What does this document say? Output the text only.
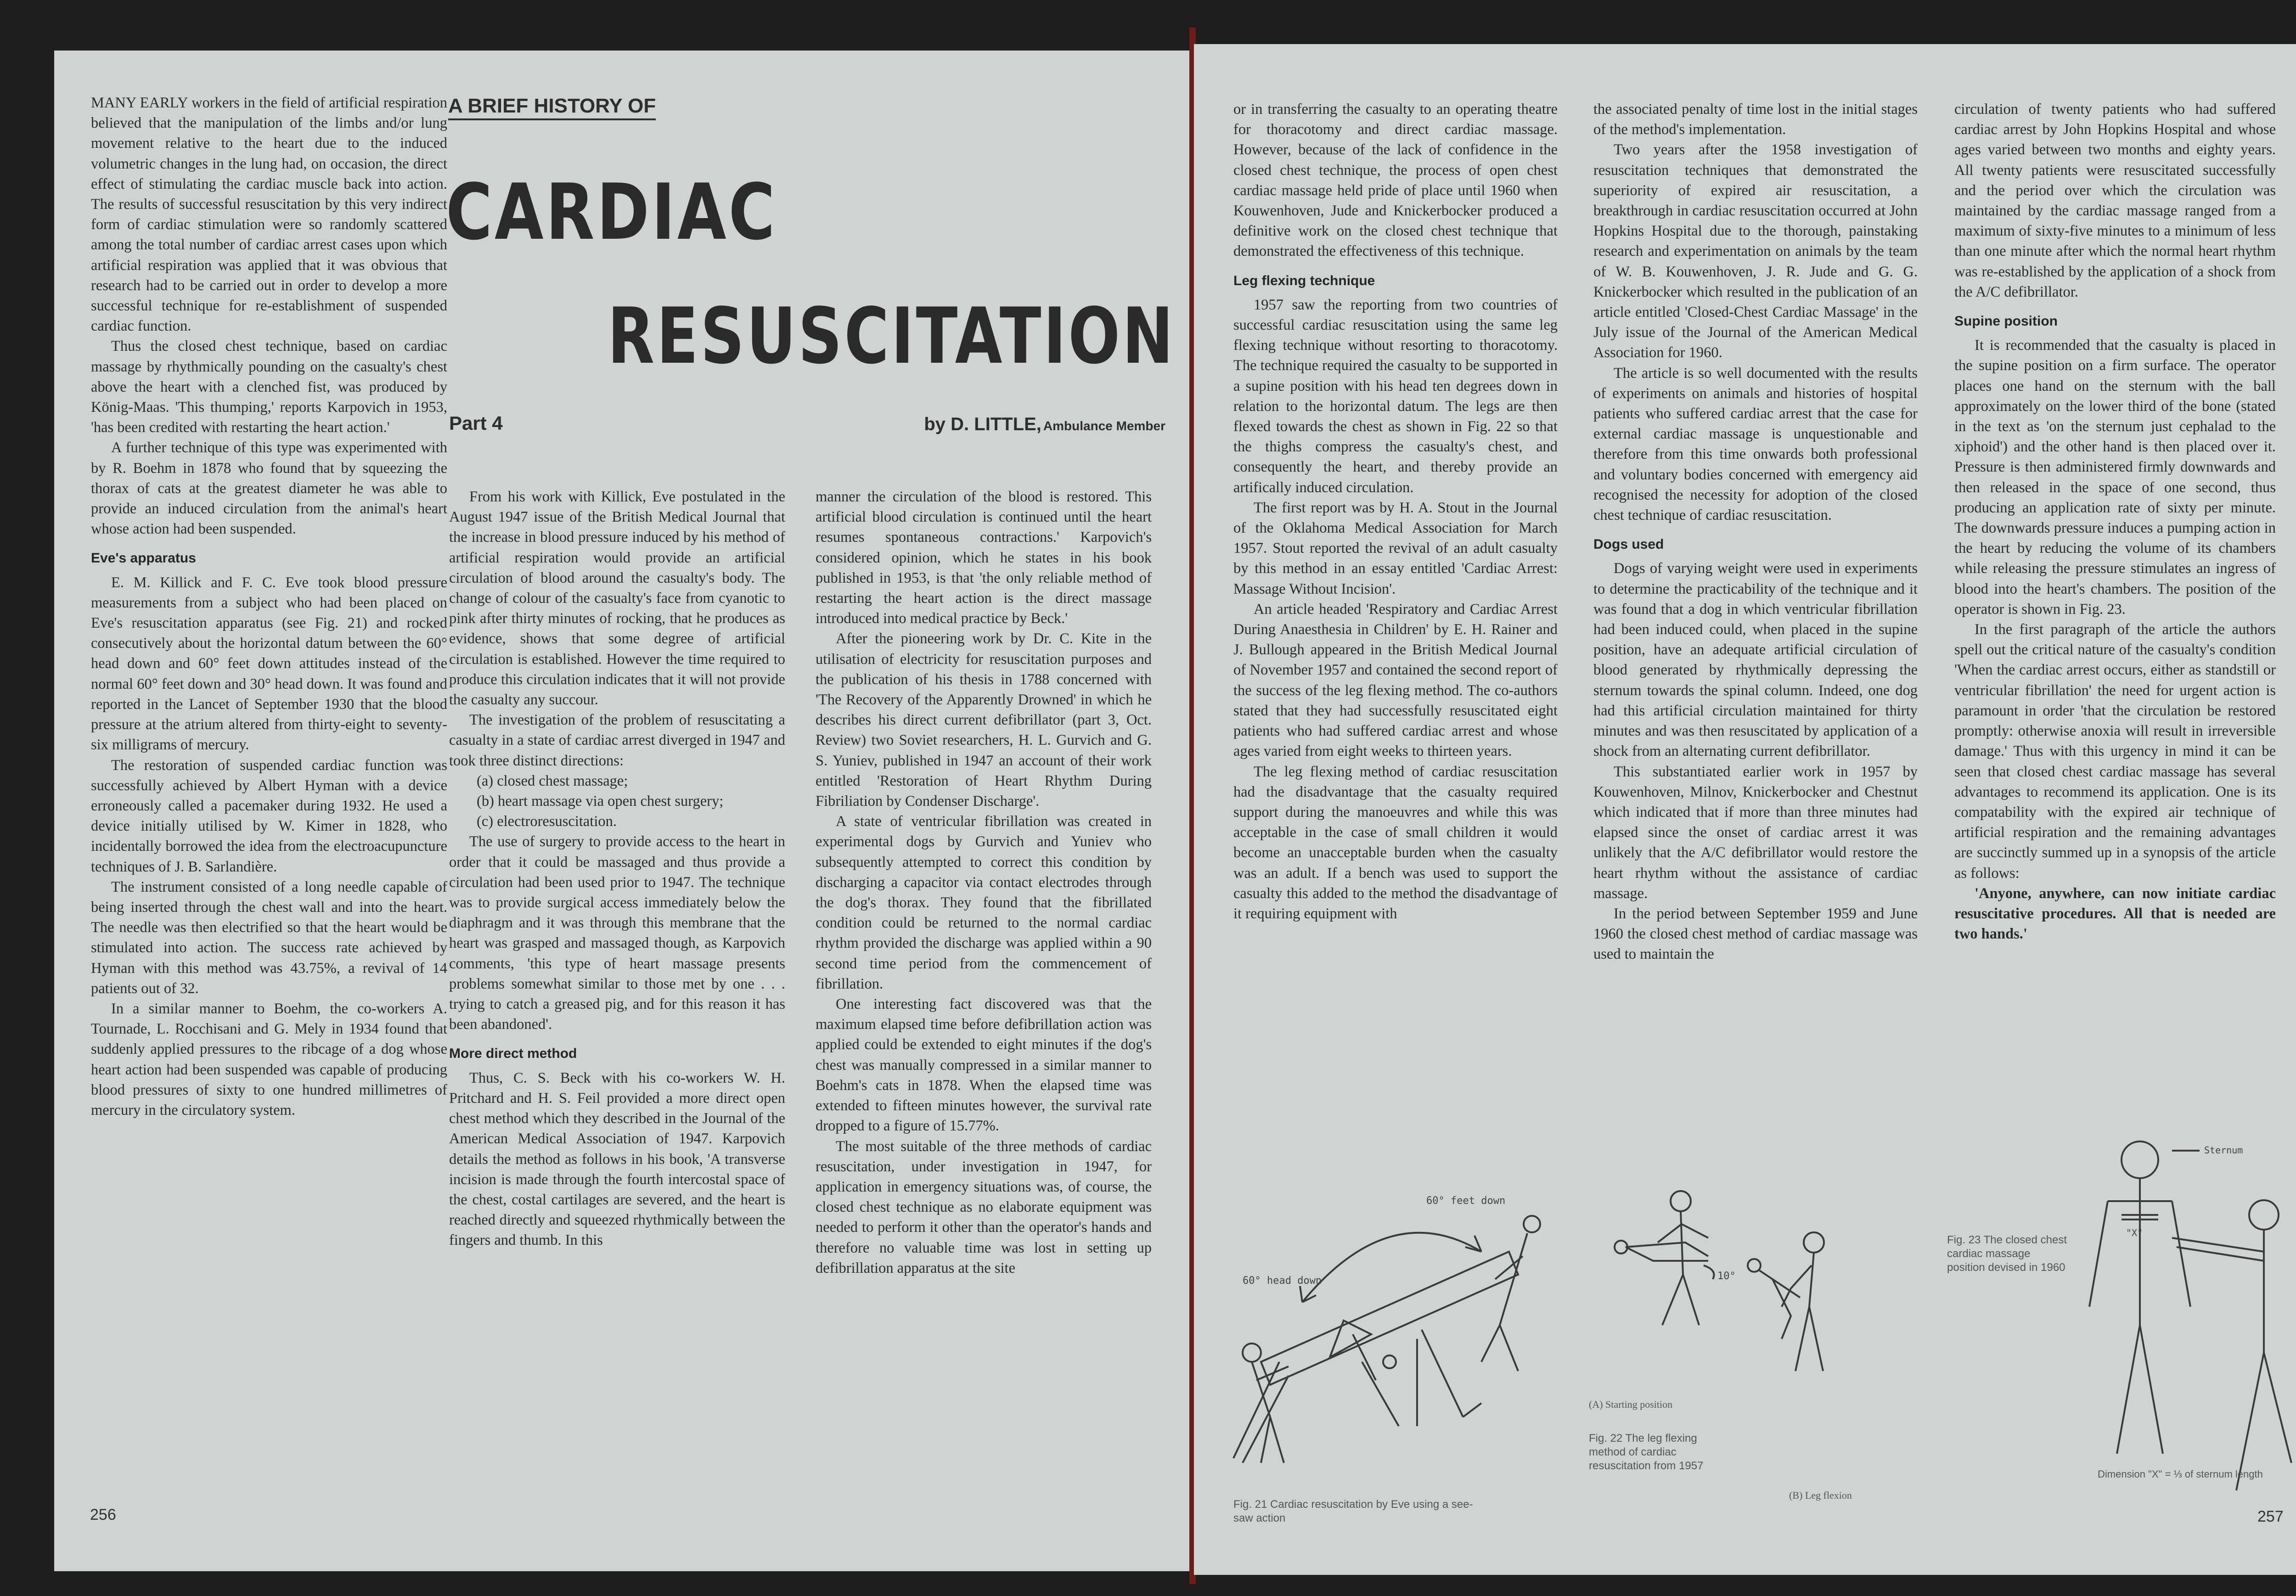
MANY EARLY workers in the field of artificial respiration believed that the manipulation of the limbs and/or lung movement relative to the heart due to the induced volumetric changes in the lung had, on occasion, the direct effect of stimulating the cardiac muscle back into action. The results of successful resuscitation by this very indirect form of cardiac stimulation were so randomly scattered among the total number of cardiac arrest cases upon which artificial respiration was applied that it was obvious that research had to be carried out in order to develop a more successful technique for re-establishment of suspended cardiac function.

Thus the closed chest technique, based on cardiac massage by rhythmically pounding on the casualty's chest above the heart with a clenched fist, was produced by König-Maas. 'This thumping,' reports Karpovich in 1953, 'has been credited with restarting the heart action.'

A further technique of this type was experimented with by R. Boehm in 1878 who found that by squeezing the thorax of cats at the greatest diameter he was able to provide an induced circulation from the animal's heart whose action had been suspended.

Eve's apparatus

E. M. Killick and F. C. Eve took blood pressure measurements from a subject who had been placed on Eve's resuscitation apparatus (see Fig. 21) and rocked consecutively about the horizontal datum between the 60° head down and 60° feet down attitudes instead of the normal 60° feet down and 30° head down. It was found and reported in the Lancet of September 1930 that the blood pressure at the atrium altered from thirty-eight to seventy-six milligrams of mercury.

The restoration of suspended cardiac function was successfully achieved by Albert Hyman with a device erroneously called a pacemaker during 1932. He used a device initially utilised by W. Kimer in 1828, who incidentally borrowed the idea from the electroacupuncture techniques of J. B. Sarlandière.

The instrument consisted of a long needle capable of being inserted through the chest wall and into the heart. The needle was then electrified so that the heart would be stimulated into action. The success rate achieved by Hyman with this method was 43.75%, a revival of 14 patients out of 32.

In a similar manner to Boehm, the co-workers A. Tournade, L. Rocchisani and G. Mely in 1934 found that suddenly applied pressures to the ribcage of a dog whose heart action had been suspended was capable of producing blood pressures of sixty to one hundred millimetres of mercury in the circulatory system.

A BRIEF HISTORY OF
CARDIAC
RESUSCITATION
Part 4	by D. LITTLE, Ambulance Member

From his work with Killick, Eve postulated in the August 1947 issue of the British Medical Journal that the increase in blood pressure induced by his method of artificial respiration would provide an artificial circulation of blood around the casualty's body. The change of colour of the casualty's face from cyanotic to pink after thirty minutes of rocking, that he produces as evidence, shows that some degree of artificial circulation is established. However the time required to produce this circulation indicates that it will not provide the casualty any succour.

The investigation of the problem of resuscitating a casualty in a state of cardiac arrest diverged in 1947 and took three distinct directions:

(a) closed chest massage;
(b) heart massage via open chest surgery;
(c) electroresuscitation.

The use of surgery to provide access to the heart in order that it could be massaged and thus provide a circulation had been used prior to 1947. The technique was to provide surgical access immediately below the diaphragm and it was through this membrane that the heart was grasped and massaged though, as Karpovich comments, 'this type of heart massage presents problems somewhat similar to those met by one . . . trying to catch a greased pig, and for this reason it has been abandoned'.

More direct method

Thus, C. S. Beck with his co-workers W. H. Pritchard and H. S. Feil provided a more direct open chest method which they described in the Journal of the American Medical Association of 1947. Karpovich details the method as follows in his book, 'A transverse incision is made through the fourth intercostal space of the chest, costal cartilages are severed, and the heart is reached directly and squeezed rhythmically between the fingers and thumb. In this

manner the circulation of the blood is restored. This artificial blood circulation is continued until the heart resumes spontaneous contractions.' Karpovich's considered opinion, which he states in his book published in 1953, is that 'the only reliable method of restarting the heart action is the direct massage introduced into medical practice by Beck.'

After the pioneering work by Dr. C. Kite in the utilisation of electricity for resuscitation purposes and the publication of his thesis in 1788 concerned with 'The Recovery of the Apparently Drowned' in which he describes his direct current defibrillator (part 3, Oct. Review) two Soviet researchers, H. L. Gurvich and G. S. Yuniev, published in 1947 an account of their work entitled 'Restoration of Heart Rhythm During Fibriliation by Condenser Discharge'.

A state of ventricular fibrillation was created in experimental dogs by Gurvich and Yuniev who subsequently attempted to correct this condition by discharging a capacitor via contact electrodes through the dog's thorax. They found that the fibrillated condition could be returned to the normal cardiac rhythm provided the discharge was applied within a 90 second time period from the commencement of fibrillation.

One interesting fact discovered was that the maximum elapsed time before defibrillation action was applied could be extended to eight minutes if the dog's chest was manually compressed in a similar manner to Boehm's cats in 1878. When the elapsed time was extended to fifteen minutes however, the survival rate dropped to a figure of 15.77%.

The most suitable of the three methods of cardiac resuscitation, under investigation in 1947, for application in emergency situations was, of course, the closed chest technique as no elaborate equipment was needed to perform it other than the operator's hands and therefore no valuable time was lost in setting up defibrillation apparatus at the site

256

or in transferring the casualty to an operating theatre for thoracotomy and direct cardiac massage. However, because of the lack of confidence in the closed chest technique, the process of open chest cardiac massage held pride of place until 1960 when Kouwenhoven, Jude and Knickerbocker produced a definitive work on the closed chest technique that demonstrated the effectiveness of this technique.

Leg flexing technique

1957 saw the reporting from two countries of successful cardiac resuscitation using the same leg flexing technique without resorting to thoracotomy. The technique required the casualty to be supported in a supine position with his head ten degrees down in relation to the horizontal datum. The legs are then flexed towards the chest as shown in Fig. 22 so that the thighs compress the casualty's chest, and consequently the heart, and thereby provide an artifically induced circulation.

The first report was by H. A. Stout in the Journal of the Oklahoma Medical Association for March 1957. Stout reported the revival of an adult casualty by this method in an essay entitled 'Cardiac Arrest: Massage Without Incision'.

An article headed 'Respiratory and Cardiac Arrest During Anaesthesia in Children' by E. H. Rainer and J. Bullough appeared in the British Medical Journal of November 1957 and contained the second report of the success of the leg flexing method. The co-authors stated that they had successfully resuscitated eight patients who had suffered cardiac arrest and whose ages varied from eight weeks to thirteen years.

The leg flexing method of cardiac resuscitation had the disadvantage that the casualty required support during the manoeuvres and while this was acceptable in the case of small children it would become an unacceptable burden when the casualty was an adult. If a bench was used to support the casualty this added to the method the disadvantage of it requiring equipment with

the associated penalty of time lost in the initial stages of the method's implementation.

Two years after the 1958 investigation of resuscitation techniques that demonstrated the superiority of expired air resuscitation, a breakthrough in cardiac resuscitation occurred at John Hopkins Hospital due to the thorough, painstaking research and experimentation on animals by the team of W. B. Kouwenhoven, J. R. Jude and G. G. Knickerbocker which resulted in the publication of an article entitled 'Closed-Chest Cardiac Massage' in the July issue of the Journal of the American Medical Association for 1960.

The article is so well documented with the results of experiments on animals and histories of hospital patients who suffered cardiac arrest that the case for external cardiac massage is unquestionable and therefore from this time onwards both professional and voluntary bodies concerned with emergency aid recognised the necessity for adoption of the closed chest technique of cardiac resuscitation.

Dogs used

Dogs of varying weight were used in experiments to determine the practicability of the technique and it was found that a dog in which ventricular fibrillation had been induced could, when placed in the supine position, have an adequate artificial circulation of blood generated by rhythmically depressing the sternum towards the spinal column. Indeed, one dog had this artificial circulation maintained for thirty minutes and was then resuscitated by application of a shock from an alternating current defibrillator.

This substantiated earlier work in 1957 by Kouwenhoven, Milnov, Knickerbocker and Chestnut which indicated that if more than three minutes had elapsed since the onset of cardiac arrest it was unlikely that the A/C defibrillator would restore the heart rhythm without the assistance of cardiac massage.

In the period between September 1959 and June 1960 the closed chest method of cardiac massage was used to maintain the

circulation of twenty patients who had suffered cardiac arrest by John Hopkins Hospital and whose ages varied between two months and eighty years. All twenty patients were resuscitated successfully and the period over which the circulation was maintained by the cardiac massage ranged from a maximum of sixty-five minutes to a minimum of less than one minute after which the normal heart rhythm was re-established by the application of a shock from the A/C defibrillator.

Supine position

It is recommended that the casualty is placed in the supine position on a firm surface. The operator places one hand on the sternum with the ball approximately on the lower third of the bone (stated in the text as 'on the sternum just cephalad to the xiphoid') and the other hand is then placed over it. Pressure is then administered firmly downwards and then released in the space of one second, thus producing an application rate of sixty per minute. The downwards pressure induces a pumping action in the heart by reducing the volume of its chambers while releasing the pressure stimulates an ingress of blood into the heart's chambers. The position of the operator is shown in Fig. 23.

In the first paragraph of the article the authors spell out the critical nature of the casualty's condition 'When the cardiac arrest occurs, either as standstill or ventricular fibrillation' the need for urgent action is paramount in order 'that the circulation be restored promptly: otherwise anoxia will result in irreversible damage.' Thus with this urgency in mind it can be seen that closed chest cardiac massage has several advantages to recommend its application. One is its compatability with the expired air technique of artificial respiration and the remaining advantages are succinctly summed up in a synopsis of the article as follows:

'Anyone, anywhere, can now initiate cardiac resuscitative procedures. All that is needed are two hands.'

60° head down
60° feet down
Fig. 21 Cardiac resuscitation by Eve using a see-saw action
10°
(A) Starting position
Fig. 22 The leg flexing method of cardiac resuscitation from 1957
(B) Leg flexion
Fig. 23 The closed chest cardiac massage position devised in 1960
Sternum
"X"
Dimension "X" = ⅓ of sternum length
257
